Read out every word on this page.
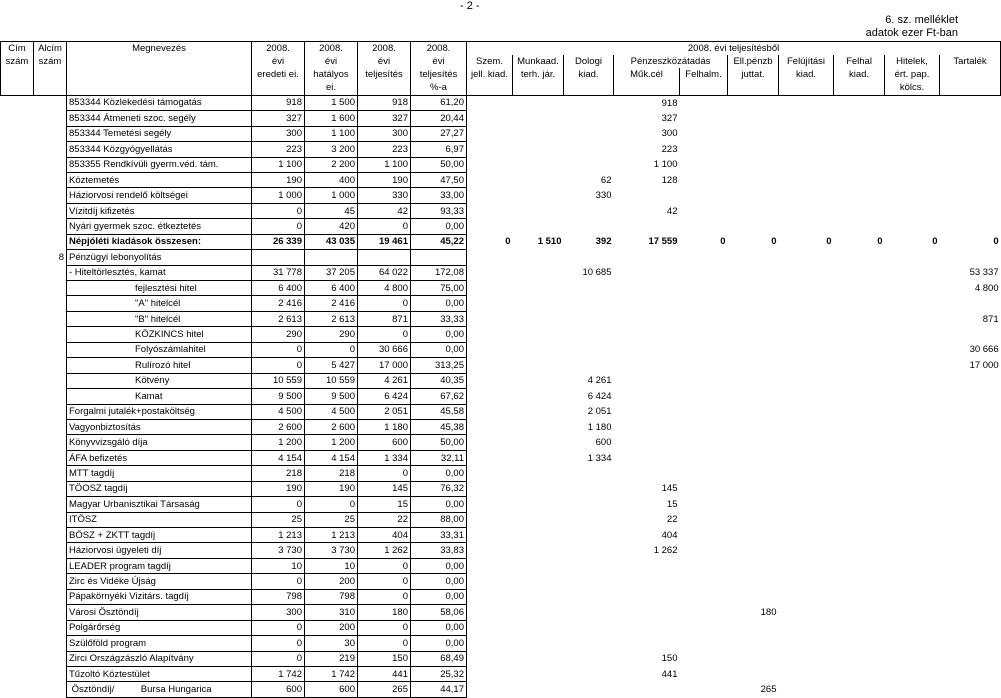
- 2 -
6. sz. melléklet
adatok ezer Ft-ban
Cím	Alcím	Megnevezés	2008.	2008.	2008.	2008.	2008. évi teljesítésből									
szám	szám		évi	évi	évi	évi	Szem.	Munkaad.	Dologi	Pénzeszközátadás		Ell.pénzb	Felújítási	Felhal	Hitelek,	Tartalék
			eredeti ei.	hatályos	teljesítés	teljesítés	jell. kiad.	terh. jár.	kiad.	Műk.cél	Felhalm.	juttat.	kiad.	kiad.	ért. pap.	
				ei.		%-a									kölcs.	
		853344 Közlekedési támogatás	918	1 500	918	61,20				918						
		853344 Átmeneti szoc. segély	327	1 600	327	20,44				327						
		853344 Temetési segély	300	1 100	300	27,27				300						
		853344 Közgyógyellátás	223	3 200	223	6,97				223						
		853355 Rendkívüli gyerm.véd. tám.	1 100	2 200	1 100	50,00				1 100						
		Köztemetés	190	400	190	47,50			62	128						
		Háziorvosi rendelő költségei	1 000	1 000	330	33,00			330							
		Vízitdíj kifizetés	0	45	42	93,33				42						
		Nyári gyermek szoc. étkeztetés	0	420	0	0,00										
		Népjóléti kiadások összesen:	26 339	43 035	19 461	45,22	0	1 510	392	17 559	0	0	0	0	0	0
	8	Pénzügyi lebonyolítás														
		- Hiteltörlesztés, kamat	31 778	37 205	64 022	172,08			10 685							53 337
		fejlesztési hitel	6 400	6 400	4 800	75,00										4 800
		"A" hitelcél	2 416	2 416	0	0,00										
		"B" hitelcél	2 613	2 613	871	33,33										871
		KÖZKINCS hitel	290	290	0	0,00										
		Folyószámlahitel	0	0	30 666	0,00										30 666
		Rulírozó hitel	0	5 427	17 000	313,25										17 000
		Kötvény	10 559	10 559	4 261	40,35			4 261							
		Kamat	9 500	9 500	6 424	67,62			6 424							
		Forgalmi jutalék+postaköltség	4 500	4 500	2 051	45,58			2 051							
		Vagyonbiztosítás	2 600	2 600	1 180	45,38			1 180							
		Könyvvizsgáló díja	1 200	1 200	600	50,00			600							
		ÁFA befizetés	4 154	4 154	1 334	32,11			1 334							
		MTT tagdíj	218	218	0	0,00										
		TÖOSZ tagdíj	190	190	145	76,32				145						
		Magyar Urbanisztikai Társaság	0	0	15	0,00				15						
		ITÖSZ	25	25	22	88,00				22						
		BÖSZ + ZKTT tagdíj	1 213	1 213	404	33,31				404						
		Háziorvosi ügyeleti díj	3 730	3 730	1 262	33,83				1 262						
		LEADER program tagdíj	10	10	0	0,00										
		Zirc és Vidéke Újság	0	200	0	0,00										
		Pápakörnyéki Vizitárs. tagdíj	798	798	0	0,00										
		Városi Ösztöndíj	300	310	180	58,06						180				
		Polgárőrség	0	200	0	0,00										
		Szülőföld program	0	30	0	0,00										
		Zirci Országzászló Alapítvány	0	219	150	68,49				150						
		Tűzoltó Köztestület	1 742	1 742	441	25,32				441						
		Ösztöndíj/          Bursa Hungarica	600	600	265	44,17						265				
